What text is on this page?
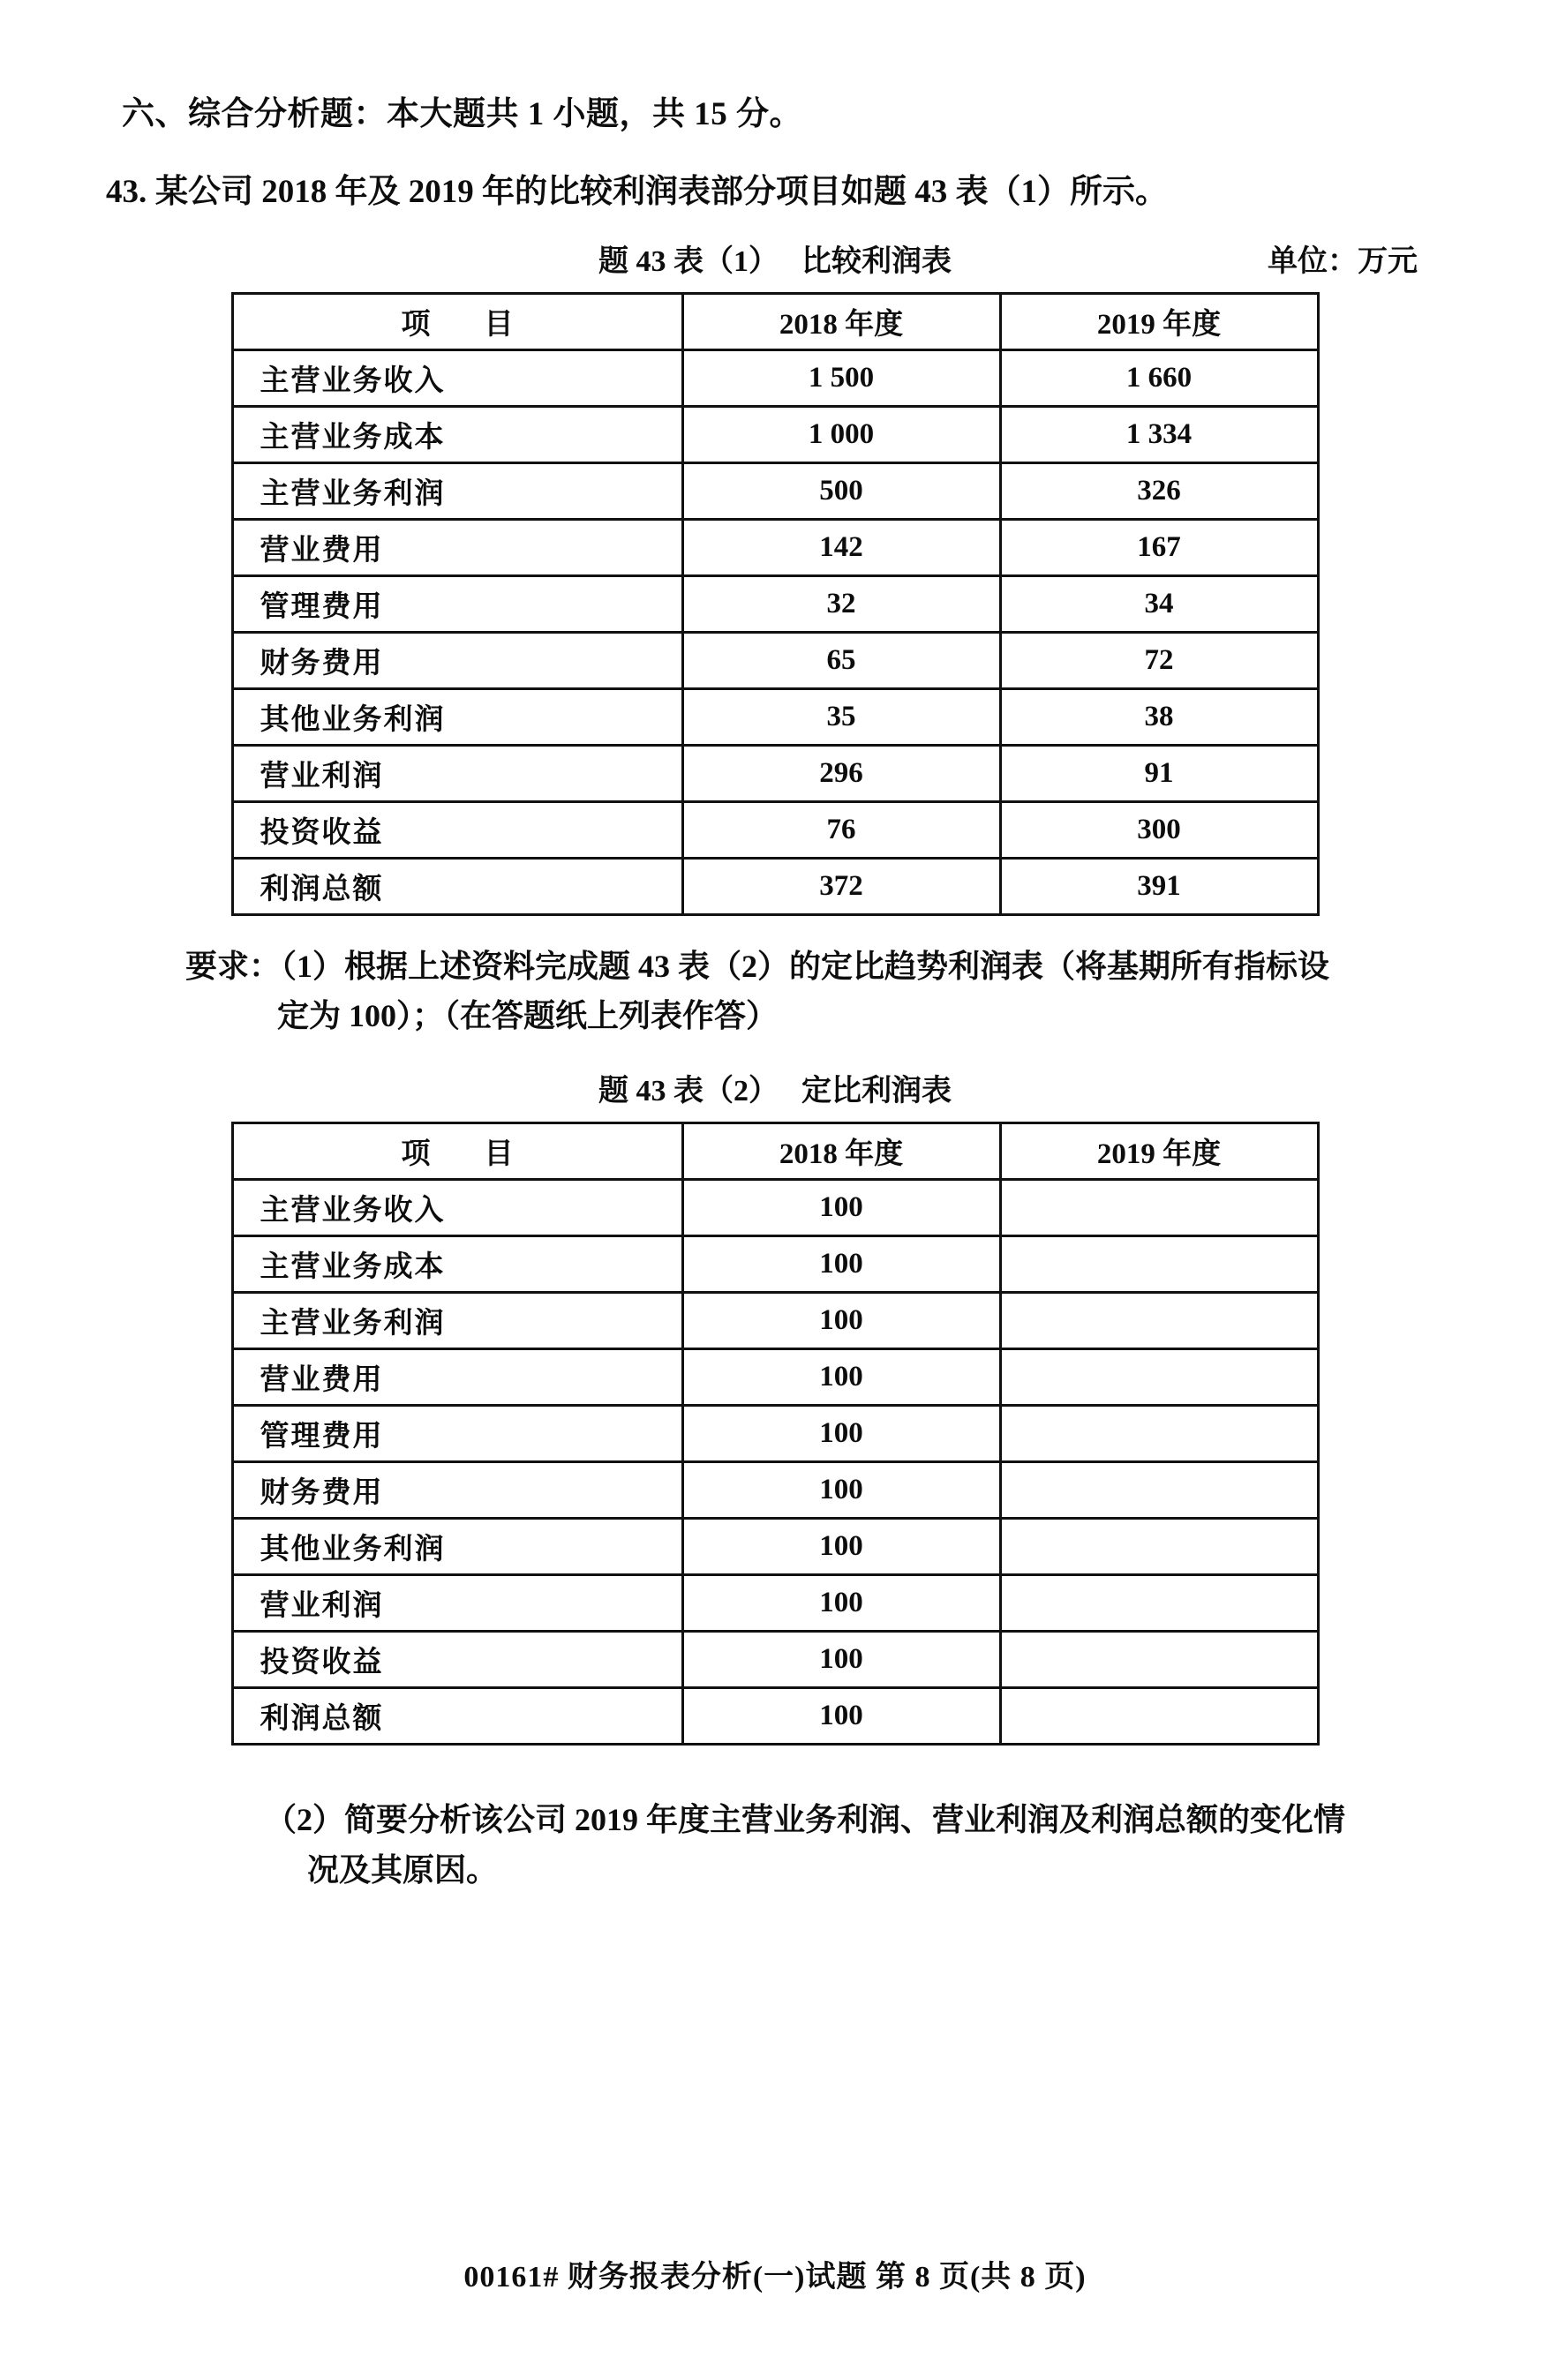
六、综合分析题：本大题共 1 小题，共 15 分。
43. 某公司 2018 年及 2019 年的比较利润表部分项目如题 43 表（1）所示。
题 43 表（1） 比较利润表	单位：万元
项　目	2018 年度	2019 年度
主营业务收入	1 500	1 660
主营业务成本	1 000	1 334
主营业务利润	500	326
营业费用	142	167
管理费用	32	34
财务费用	65	72
其他业务利润	35	38
营业利润	296	91
投资收益	76	300
利润总额	372	391
要求：（1）根据上述资料完成题 43 表（2）的定比趋势利润表（将基期所有指标设
定为 100）；（在答题纸上列表作答）
题 43 表（2） 定比利润表
项　目	2018 年度	2019 年度
主营业务收入	100	
主营业务成本	100	
主营业务利润	100	
营业费用	100	
管理费用	100	
财务费用	100	
其他业务利润	100	
营业利润	100	
投资收益	100	
利润总额	100	
（2）简要分析该公司 2019 年度主营业务利润、营业利润及利润总额的变化情
况及其原因。
00161# 财务报表分析(一)试题 第 8 页(共 8 页)
